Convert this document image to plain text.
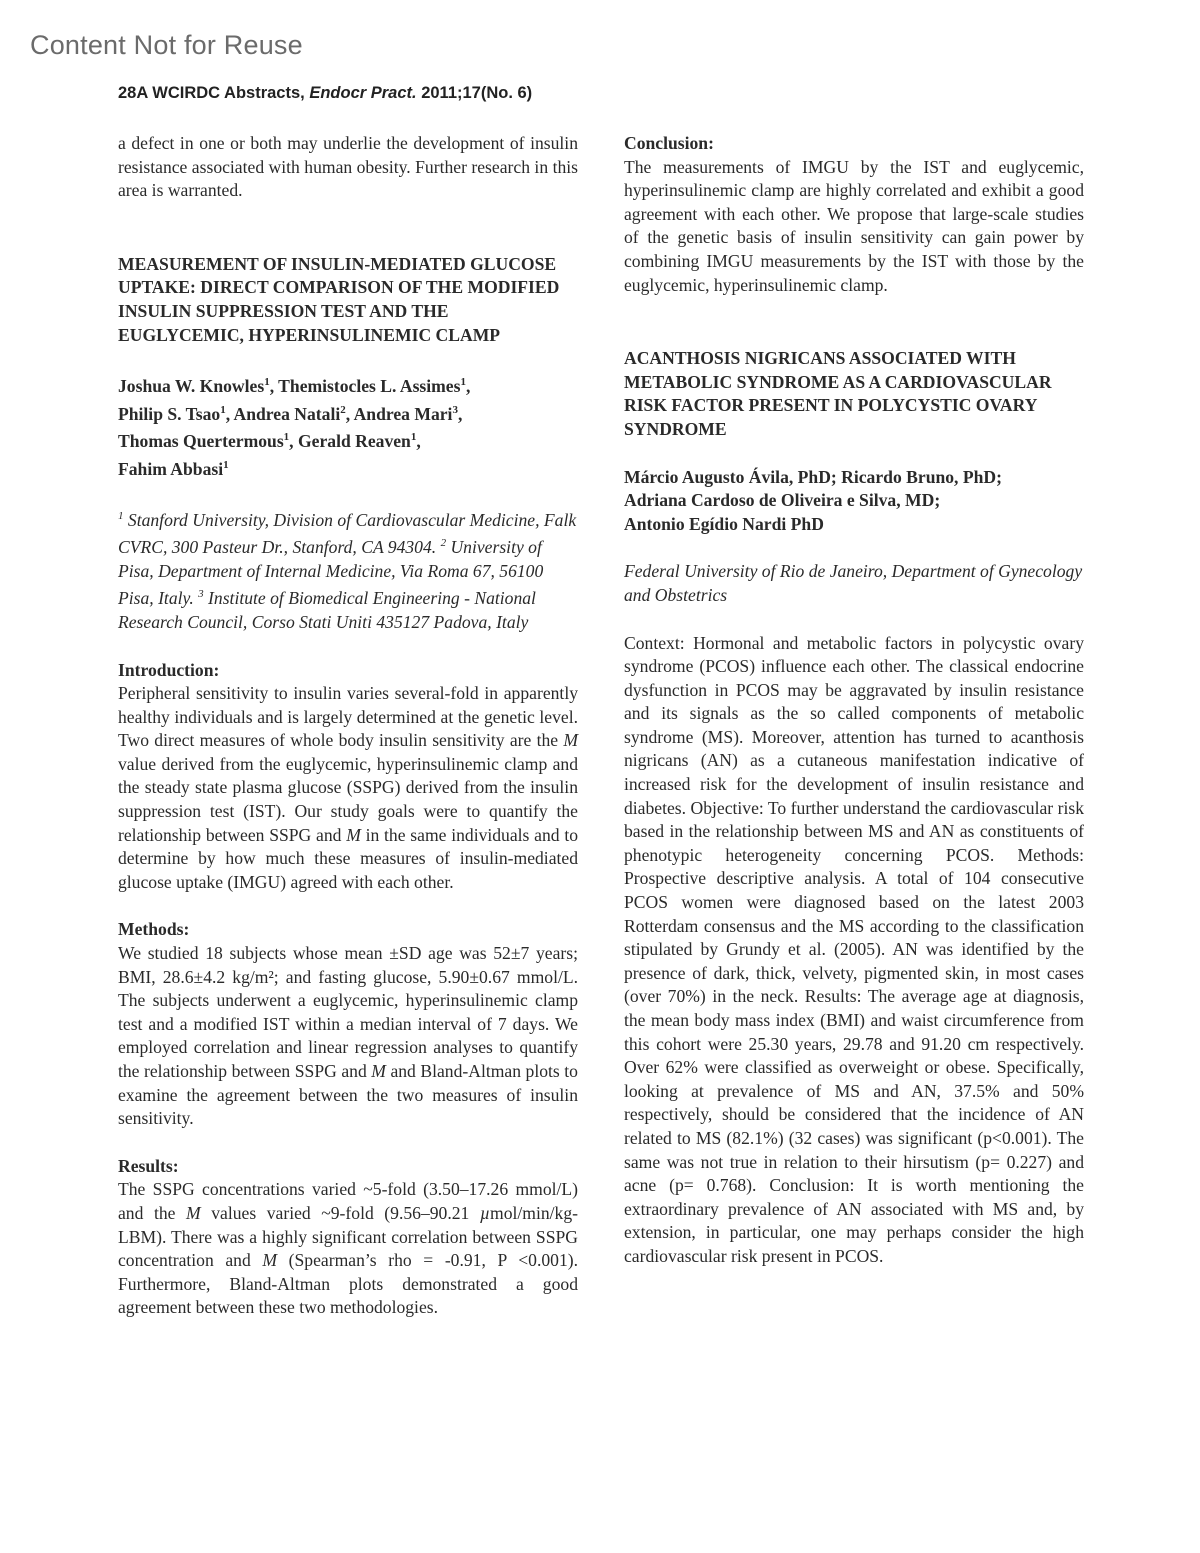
Content Not for Reuse
28A WCIRDC Abstracts, Endocr Pract. 2011;17(No. 6)

a defect in one or both may underlie the development of insulin resistance associated with human obesity. Further research in this area is warranted.

MEASUREMENT OF INSULIN-MEDIATED GLUCOSE UPTAKE: DIRECT COMPARISON OF THE MODIFIED INSULIN SUPPRESSION TEST AND THE EUGLYCEMIC, HYPERINSULINEMIC CLAMP

Joshua W. Knowles$^1$, Themistocles L. Assimes$^1$,
Philip S. Tsao$^1$, Andrea Natali$^2$, Andrea Mari$^3$,
Thomas Quertermous$^1$, Gerald Reaven$^1$,
Fahim Abbasi$^1$

$^1$ Stanford University, Division of Cardiovascular Medicine, Falk CVRC, 300 Pasteur Dr., Stanford, CA 94304. $^2$ University of Pisa, Department of Internal Medicine, Via Roma 67, 56100 Pisa, Italy. $^3$ Institute of Biomedical Engineering - National Research Council, Corso Stati Uniti 435127 Padova, Italy

Introduction:

Peripheral sensitivity to insulin varies several-fold in apparently healthy individuals and is largely determined at the genetic level. Two direct measures of whole body insulin sensitivity are the M value derived from the euglycemic, hyperinsulinemic clamp and the steady state plasma glucose (SSPG) derived from the insulin suppression test (IST). Our study goals were to quantify the relationship between SSPG and M in the same individuals and to determine by how much these measures of insulin-mediated glucose uptake (IMGU) agreed with each other.

Methods:

We studied 18 subjects whose mean ±SD age was 52±7 years; BMI, 28.6±4.2 kg/m²; and fasting glucose, 5.90±0.67 mmol/L. The subjects underwent a euglycemic, hyperinsulinemic clamp test and a modified IST within a median interval of 7 days. We employed correlation and linear regression analyses to quantify the relationship between SSPG and M and Bland-Altman plots to examine the agreement between the two measures of insulin sensitivity.

Results:

The SSPG concentrations varied ~5-fold (3.50–17.26 mmol/L) and the M values varied ~9-fold (9.56–90.21 µmol/min/kg-LBM). There was a highly significant correlation between SSPG concentration and M (Spearman’s rho = -0.91, P <0.001). Furthermore, Bland-Altman plots demonstrated a good agreement between these two methodologies.

Conclusion:

The measurements of IMGU by the IST and euglycemic, hyperinsulinemic clamp are highly correlated and exhibit a good agreement with each other. We propose that large-scale studies of the genetic basis of insulin sensitivity can gain power by combining IMGU measurements by the IST with those by the euglycemic, hyperinsulinemic clamp.

ACANTHOSIS NIGRICANS ASSOCIATED WITH METABOLIC SYNDROME AS A CARDIOVASCULAR RISK FACTOR PRESENT IN POLYCYSTIC OVARY SYNDROME

Márcio Augusto Ávila, PhD; Ricardo Bruno, PhD;
Adriana Cardoso de Oliveira e Silva, MD;
Antonio Egídio Nardi PhD

Federal University of Rio de Janeiro, Department of Gynecology and Obstetrics

Context: Hormonal and metabolic factors in polycystic ovary syndrome (PCOS) influence each other. The classical endocrine dysfunction in PCOS may be aggravated by insulin resistance and its signals as the so called components of metabolic syndrome (MS). Moreover, attention has turned to acanthosis nigricans (AN) as a cutaneous manifestation indicative of increased risk for the development of insulin resistance and diabetes. Objective: To further understand the cardiovascular risk based in the relationship between MS and AN as constituents of phenotypic heterogeneity concerning PCOS. Methods: Prospective descriptive analysis. A total of 104 consecutive PCOS women were diagnosed based on the latest 2003 Rotterdam consensus and the MS according to the classification stipulated by Grundy et al. (2005). AN was identified by the presence of dark, thick, velvety, pigmented skin, in most cases (over 70%) in the neck. Results: The average age at diagnosis, the mean body mass index (BMI) and waist circumference from this cohort were 25.30 years, 29.78 and 91.20 cm respectively. Over 62% were classified as overweight or obese. Specifically, looking at prevalence of MS and AN, 37.5% and 50% respectively, should be considered that the incidence of AN related to MS (82.1%) (32 cases) was significant (p<0.001). The same was not true in relation to their hirsutism (p= 0.227) and acne (p= 0.768). Conclusion: It is worth mentioning the extraordinary prevalence of AN associated with MS and, by extension, in particular, one may perhaps consider the high cardiovascular risk present in PCOS.
